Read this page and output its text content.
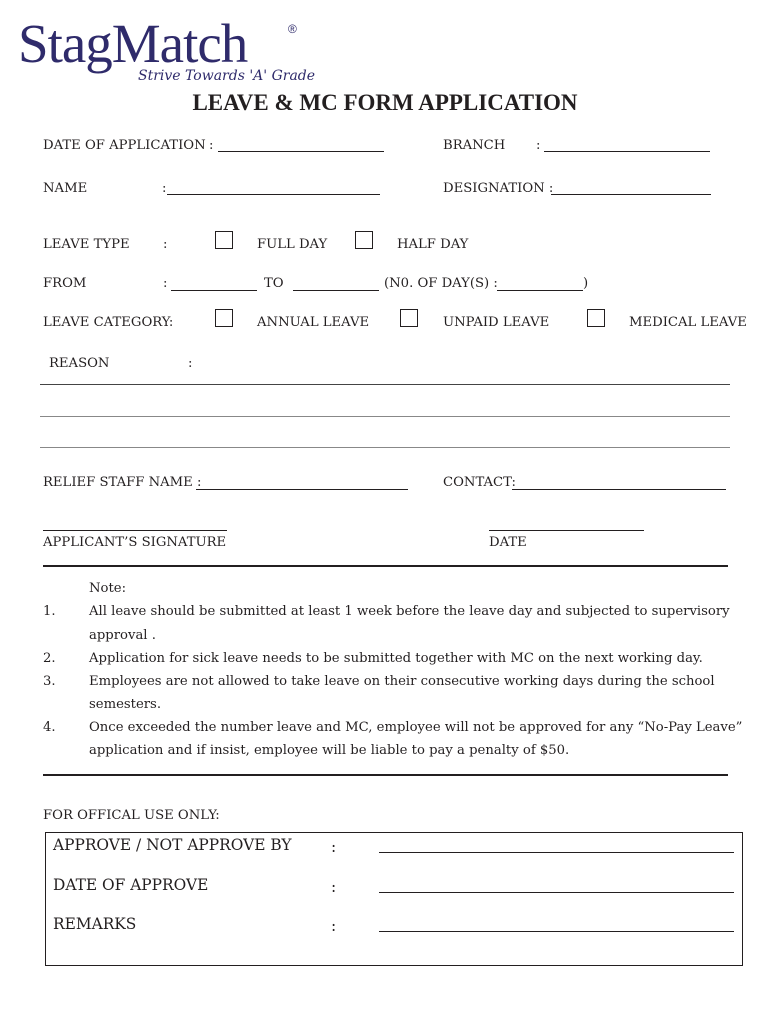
StagMatch	®
Strive Towards 'A' Grade
LEAVE & MC FORM APPLICATION
DATE OF APPLICATION :	BRANCH :
NAME	:	DESIGNATION :
LEAVE TYPE	:	FULL DAY	HALF DAY
FROM	:	TO	(N0. OF DAY(S) :	)
LEAVE CATEGORY:	ANNUAL LEAVE	UNPAID LEAVE	MEDICAL LEAVE
REASON	:
RELIEF STAFF NAME :	CONTACT:
APPLICANT’S SIGNATURE	DATE
Note:
1.	All leave should be submitted at least 1 week before the leave day and subjected to supervisory
approval .
2.	Application for sick leave needs to be submitted together with MC on the next working day.
3.	Employees are not allowed to take leave on their consecutive working days during the school
semesters.
4.	Once exceeded the number leave and MC, employee will not be approved for any “No-Pay Leave”
application and if insist, employee will be liable to pay a penalty of $50.
FOR OFFICAL USE ONLY:
APPROVE / NOT APPROVE BY	:
DATE OF APPROVE	:
REMARKS	:
